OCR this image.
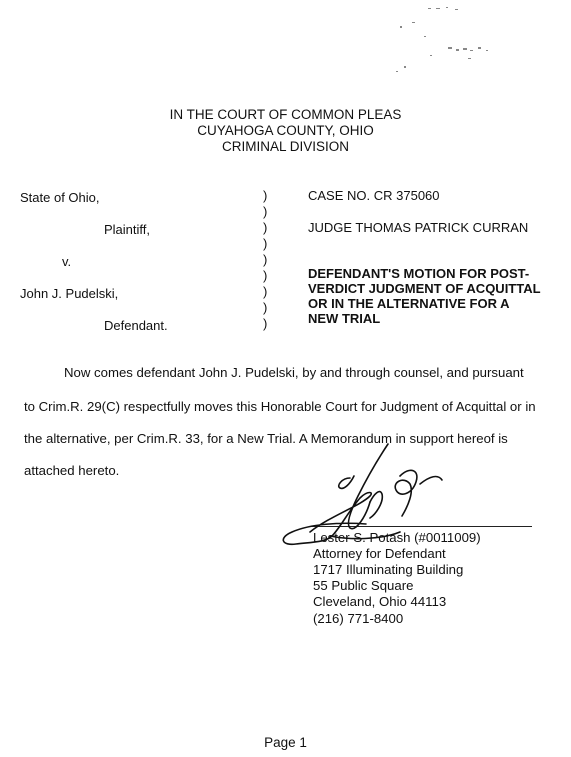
IN THE COURT OF COMMON PLEAS
CUYAHOGA COUNTY, OHIO
CRIMINAL DIVISION
State of Ohio,
Plaintiff,
v.
John J. Pudelski,
Defendant.
)
)
)
)
)
)
)
)
)
CASE NO. CR 375060
JUDGE THOMAS PATRICK CURRAN
DEFENDANT'S MOTION FOR POST-
VERDICT JUDGMENT OF ACQUITTAL
OR IN THE ALTERNATIVE FOR A
NEW TRIAL
Now comes defendant John J. Pudelski, by and through counsel, and pursuant
to Crim.R. 29(C) respectfully moves this Honorable Court for Judgment of Acquittal or in
the alternative, per Crim.R. 33, for a New Trial. A Memorandum in support hereof is
attached hereto.
Lester S. Potash (#0011009)
Attorney for Defendant
1717 Illuminating Building
55 Public Square
Cleveland, Ohio 44113
(216) 771-8400
Page 1
